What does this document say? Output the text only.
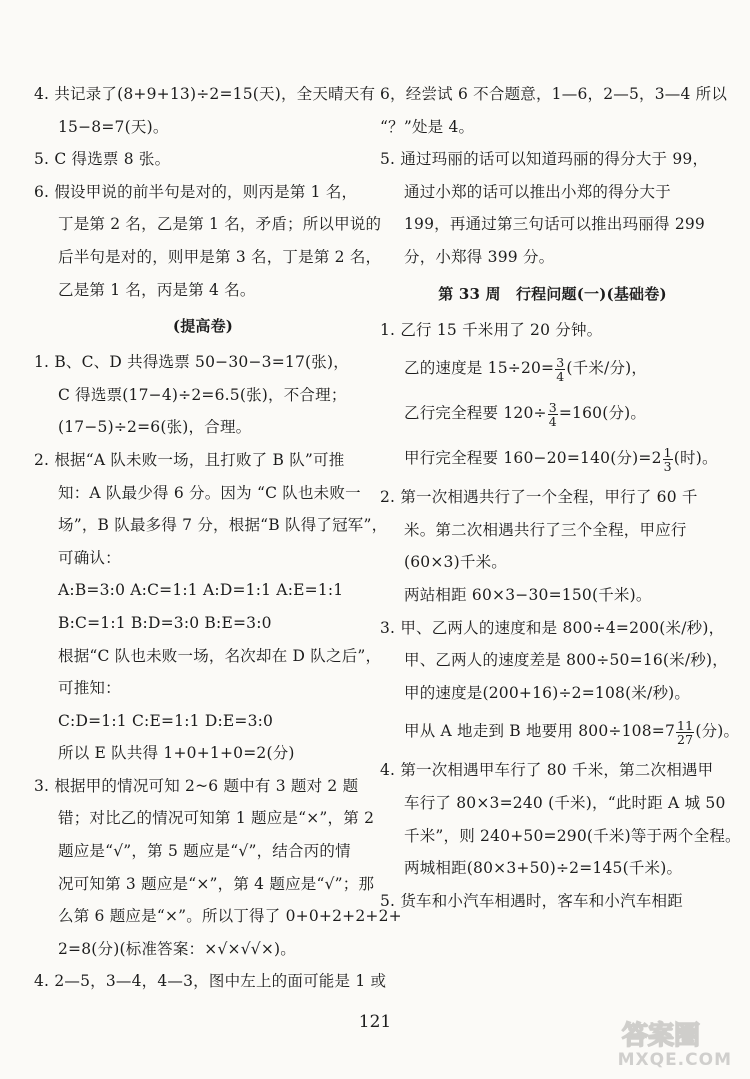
4. 共记录了(8+9+13)÷2=15(天)，全天晴天有
15−8=7(天)。
5. C 得选票 8 张。
6. 假设甲说的前半句是对的，则丙是第 1 名，
丁是第 2 名，乙是第 1 名，矛盾；所以甲说的
后半句是对的，则甲是第 3 名，丁是第 2 名，
乙是第 1 名，丙是第 4 名。
(提高卷)
1. B、C、D 共得选票 50−30−3=17(张)，
C 得选票(17−4)÷2=6.5(张)，不合理；
(17−5)÷2=6(张)，合理。
2. 根据“A 队未败一场，且打败了 B 队”可推
知：A 队最少得 6 分。因为 “C 队也未败一
场”，B 队最多得 7 分，根据“B 队得了冠军”，
可确认：
A:B=3:0 A:C=1:1 A:D=1:1 A:E=1:1
B:C=1:1 B:D=3:0 B:E=3:0
根据“C 队也未败一场，名次却在 D 队之后”，
可推知：
C:D=1:1 C:E=1:1 D:E=3:0
所以 E 队共得 1+0+1+0=2(分)
3. 根据甲的情况可知 2~6 题中有 3 题对 2 题
错；对比乙的情况可知第 1 题应是“×”，第 2
题应是“√”，第 5 题应是“√”，结合丙的情
况可知第 3 题应是“×”，第 4 题应是“√”；那
么第 6 题应是“×”。所以丁得了 0+0+2+2+2+
2=8(分)(标准答案：×√×√√×)。
4. 2—5，3—4，4—3，图中左上的面可能是 1 或
6，经尝试 6 不合题意，1—6，2—5，3—4 所以
“？”处是 4。
5. 通过玛丽的话可以知道玛丽的得分大于 99，
通过小郑的话可以推出小郑的得分大于
199，再通过第三句话可以推出玛丽得 299
分，小郑得 399 分。
第 33 周　行程问题(一)(基础卷)
1. 乙行 15 千米用了 20 分钟。
乙的速度是 $15\div 20= \frac{3}{4}$ (千米/分)，
乙行完全程要 $120\div \frac{3}{4} =160$(分)。
甲行完全程要 160−20=140(分)$=2 \frac{1}{3}$ (时)。
2. 第一次相遇共行了一个全程，甲行了 60 千
米。第二次相遇共行了三个全程，甲应行
(60×3)千米。
两站相距 60×3−30=150(千米)。
3. 甲、乙两人的速度和是 800÷4=200(米/秒)，
甲、乙两人的速度差是 800÷50=16(米/秒)，
甲的速度是(200+16)÷2=108(米/秒)。
甲从 A 地走到 B 地要用 $800\div 108=7 \frac{11}{27}$ (分)。
4. 第一次相遇甲车行了 80 千米，第二次相遇甲
车行了 80×3=240 (千米)，“此时距 A 城 50
千米”，则 240+50=290(千米)等于两个全程。
两城相距(80×3+50)÷2=145(千米)。
5. 货车和小汽车相遇时，客车和小汽车相距
121	答案圈
MXQE.COM
